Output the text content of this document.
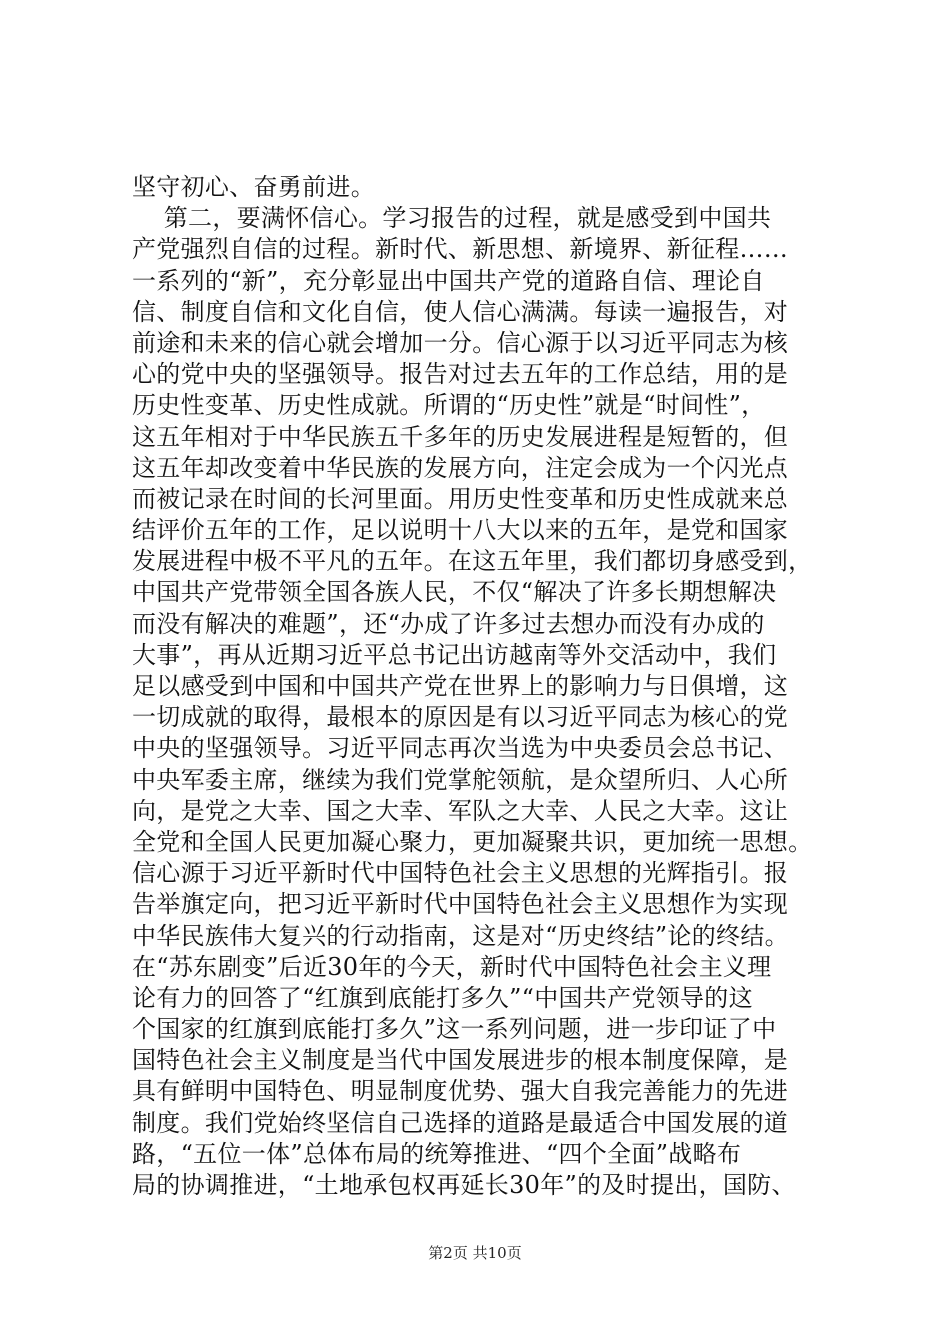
坚守初心、奋勇前进。
第二，要满怀信心。学习报告的过程，就是感受到中国共
产党强烈自信的过程。新时代、新思想、新境界、新征程……
一系列的“新”，充分彰显出中国共产党的道路自信、理论自
信、制度自信和文化自信，使人信心满满。每读一遍报告，对
前途和未来的信心就会增加一分。信心源于以习近平同志为核
心的党中央的坚强领导。报告对过去五年的工作总结，用的是
历史性变革、历史性成就。所谓的“历史性”就是“时间性”，
这五年相对于中华民族五千多年的历史发展进程是短暂的，但
这五年却改变着中华民族的发展方向，注定会成为一个闪光点
而被记录在时间的长河里面。用历史性变革和历史性成就来总
结评价五年的工作，足以说明十八大以来的五年，是党和国家
发展进程中极不平凡的五年。在这五年里，我们都切身感受到，
中国共产党带领全国各族人民，不仅“解决了许多长期想解决
而没有解决的难题”，还“办成了许多过去想办而没有办成的
大事”，再从近期习近平总书记出访越南等外交活动中，我们
足以感受到中国和中国共产党在世界上的影响力与日俱增，这
一切成就的取得，最根本的原因是有以习近平同志为核心的党
中央的坚强领导。习近平同志再次当选为中央委员会总书记、
中央军委主席，继续为我们党掌舵领航，是众望所归、人心所
向，是党之大幸、国之大幸、军队之大幸、人民之大幸。这让
全党和全国人民更加凝心聚力，更加凝聚共识，更加统一思想。
信心源于习近平新时代中国特色社会主义思想的光辉指引。报
告举旗定向，把习近平新时代中国特色社会主义思想作为实现
中华民族伟大复兴的行动指南，这是对“历史终结”论的终结。
在“苏东剧变”后近30年的今天，新时代中国特色社会主义理
论有力的回答了“红旗到底能打多久”“中国共产党领导的这
个国家的红旗到底能打多久”这一系列问题，进一步印证了中
国特色社会主义制度是当代中国发展进步的根本制度保障，是
具有鲜明中国特色、明显制度优势、强大自我完善能力的先进
制度。我们党始终坚信自己选择的道路是最适合中国发展的道
路，“五位一体”总体布局的统筹推进、“四个全面”战略布
局的协调推进，“土地承包权再延长30年”的及时提出，国防、
第2页 共10页
